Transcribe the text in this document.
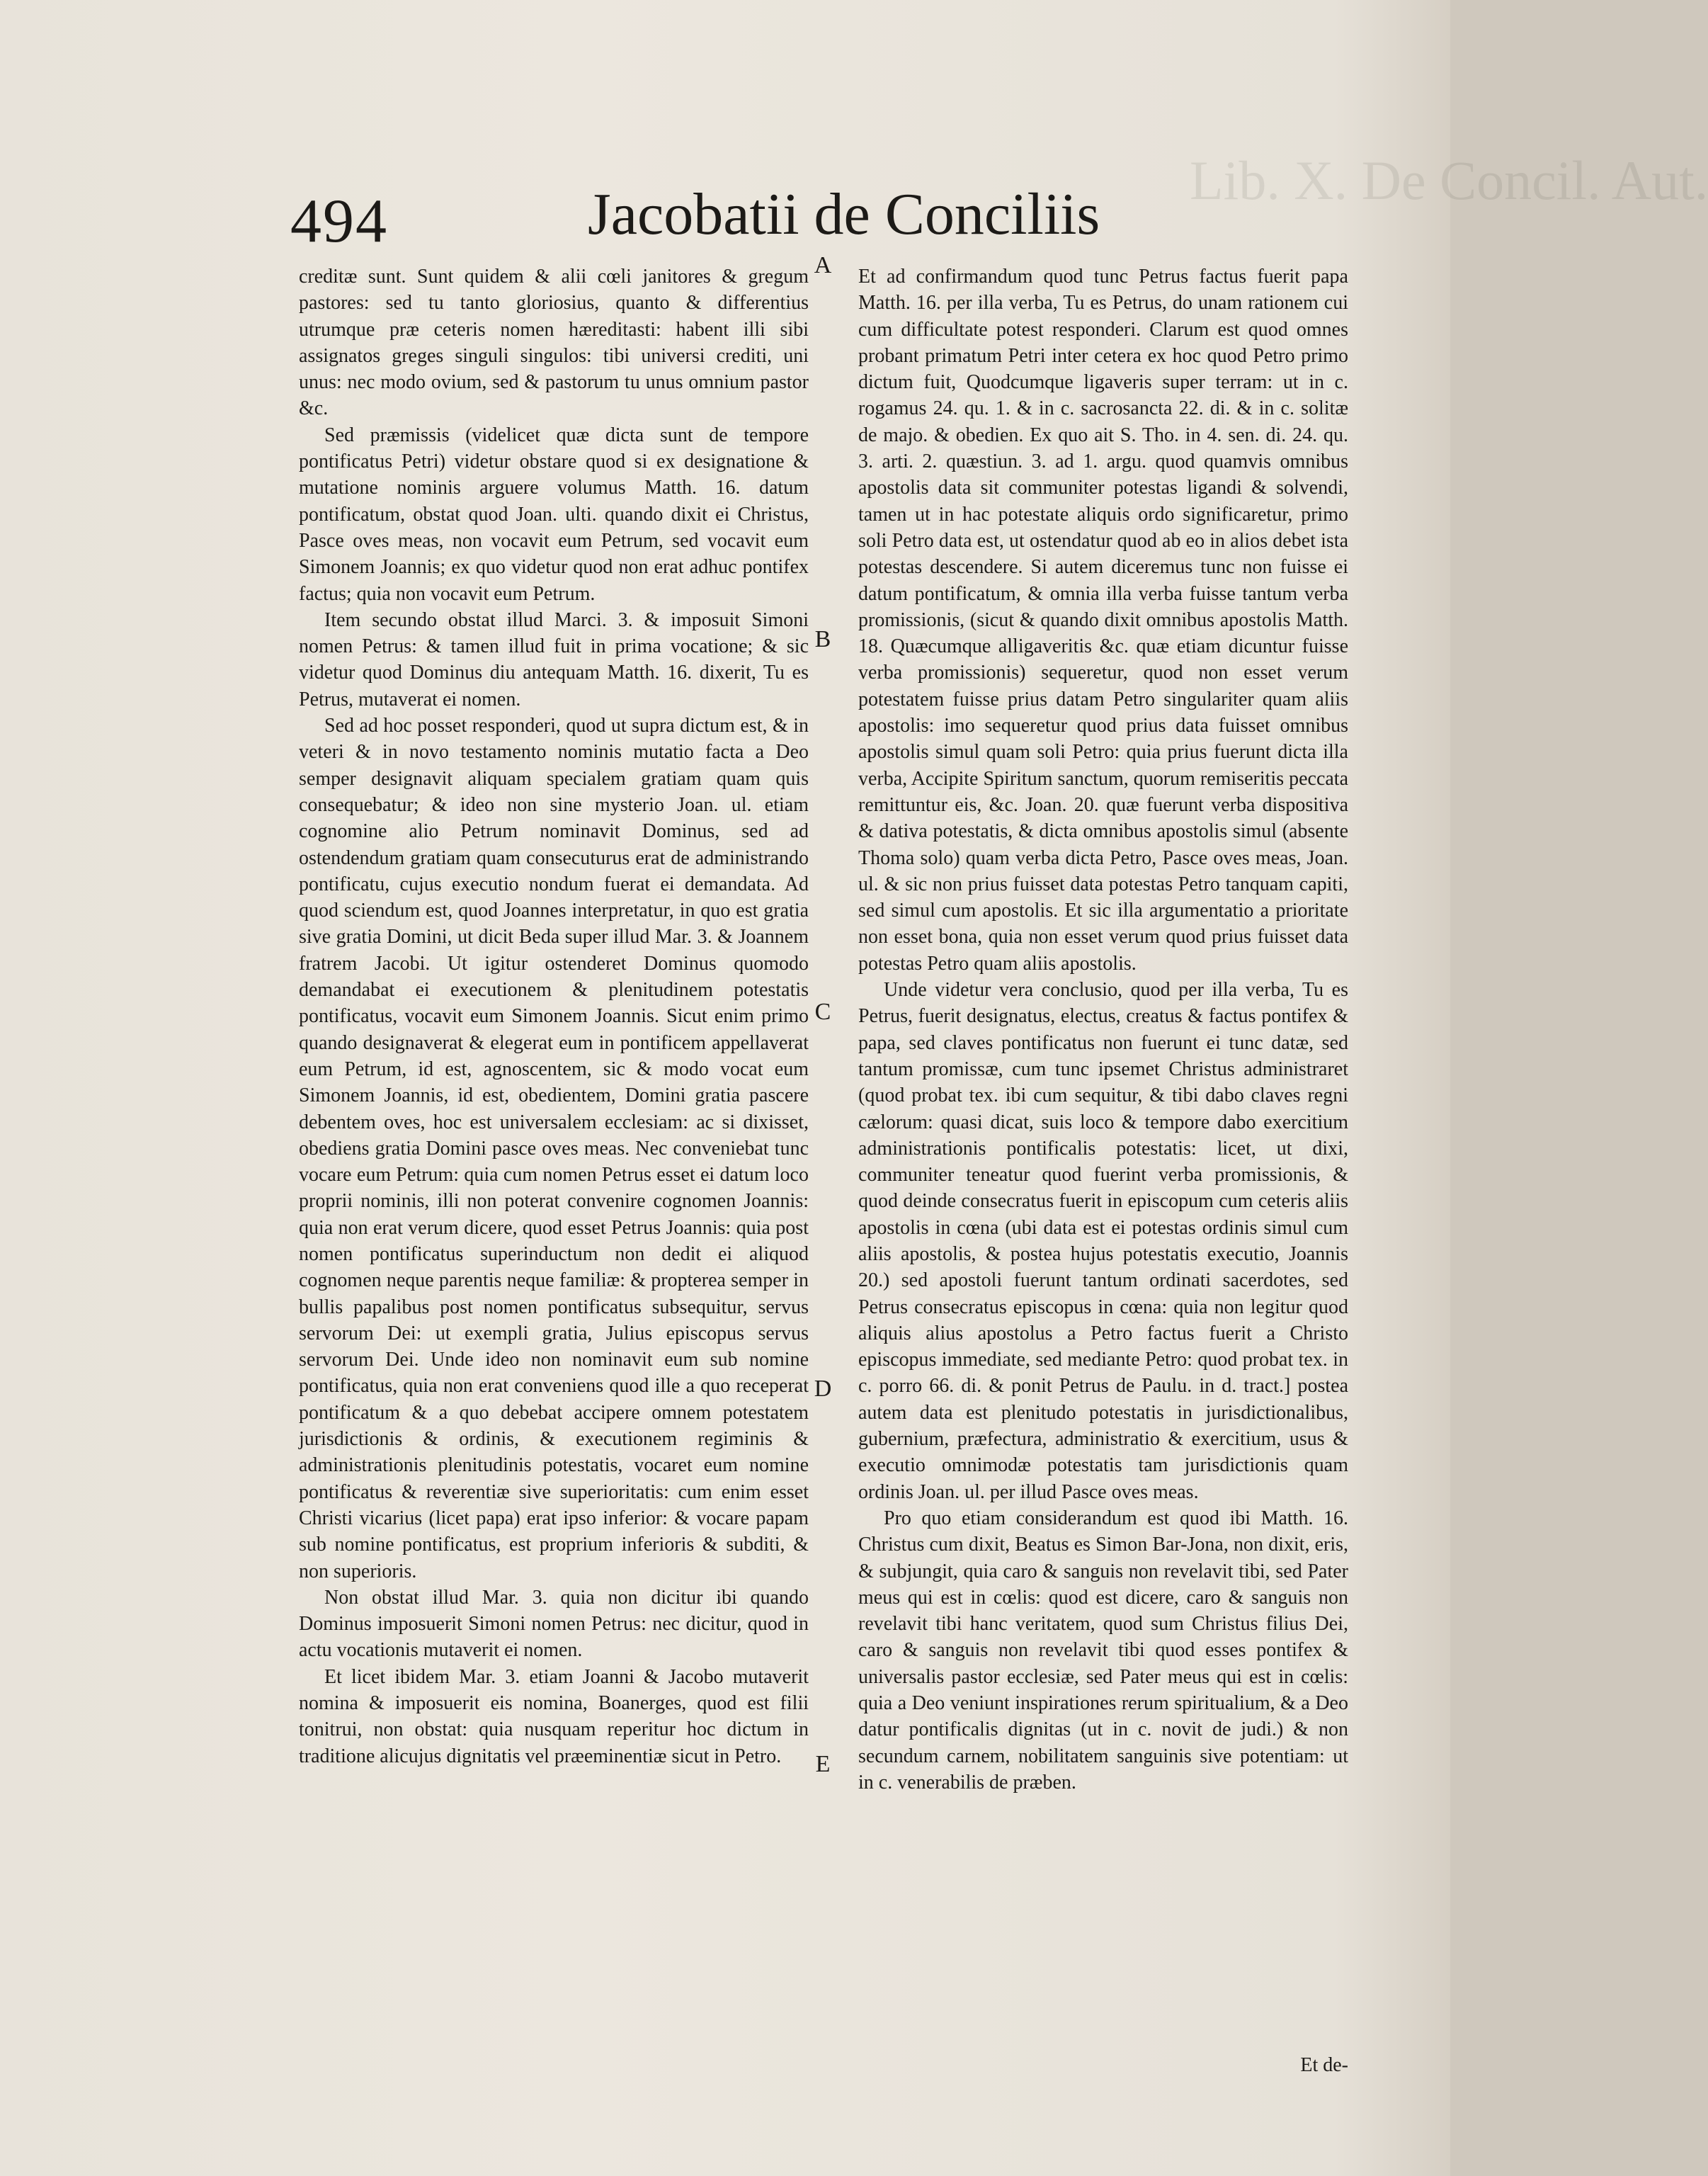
Lib. X. De Concil. Aut.
494	Jacobatii de Conciliis

creditæ sunt. Sunt quidem & alii cœli janitores & gregum pastores: sed tu tanto gloriosius, quanto & differentius utrumque præ ceteris nomen hæreditasti: habent illi sibi assignatos greges singuli singulos: tibi universi crediti, uni unus: nec modo ovium, sed & pastorum tu unus omnium pastor &c.

Sed præmissis (videlicet quæ dicta sunt de tempore pontificatus Petri) videtur obstare quod si ex designatione & mutatione nominis arguere volumus Matth. 16. datum pontificatum, obstat quod Joan. ulti. quando dixit ei Christus, Pasce oves meas, non vocavit eum Petrum, sed vocavit eum Simonem Joannis; ex quo videtur quod non erat adhuc pontifex factus; quia non vocavit eum Petrum.

Item secundo obstat illud Marci. 3. & imposuit Simoni nomen Petrus: & tamen illud fuit in prima vocatione; & sic videtur quod Dominus diu antequam Matth. 16. dixerit, Tu es Petrus, mutaverat ei nomen.

Sed ad hoc posset responderi, quod ut supra dictum est, & in veteri & in novo testamento nominis mutatio facta a Deo semper designavit aliquam specialem gratiam quam quis consequebatur; & ideo non sine mysterio Joan. ul. etiam cognomine alio Petrum nominavit Dominus, sed ad ostendendum gratiam quam consecuturus erat de administrando pontificatu, cujus executio nondum fuerat ei demandata. Ad quod sciendum est, quod Joannes interpretatur, in quo est gratia sive gratia Domini, ut dicit Beda super illud Mar. 3. & Joannem fratrem Jacobi. Ut igitur ostenderet Dominus quomodo demandabat ei executionem & plenitudinem potestatis pontificatus, vocavit eum Simonem Joannis. Sicut enim primo quando designaverat & elegerat eum in pontificem appellaverat eum Petrum, id est, agnoscentem, sic & modo vocat eum Simonem Joannis, id est, obedientem, Domini gratia pascere debentem oves, hoc est universalem ecclesiam: ac si dixisset, obediens gratia Domini pasce oves meas. Nec conveniebat tunc vocare eum Petrum: quia cum nomen Petrus esset ei datum loco proprii nominis, illi non poterat convenire cognomen Joannis: quia non erat verum dicere, quod esset Petrus Joannis: quia post nomen pontificatus superinductum non dedit ei aliquod cognomen neque parentis neque familiæ: & propterea semper in bullis papalibus post nomen pontificatus subsequitur, servus servorum Dei: ut exempli gratia, Julius episcopus servus servorum Dei. Unde ideo non nominavit eum sub nomine pontificatus, quia non erat conveniens quod ille a quo receperat pontificatum & a quo debebat accipere omnem potestatem jurisdictionis & ordinis, & executionem regiminis & administrationis plenitudinis potestatis, vocaret eum nomine pontificatus & reverentiæ sive superioritatis: cum enim esset Christi vicarius (licet papa) erat ipso inferior: & vocare papam sub nomine pontificatus, est proprium inferioris & subditi, & non superioris.

Non obstat illud Mar. 3. quia non dicitur ibi quando Dominus imposuerit Simoni nomen Petrus: nec dicitur, quod in actu vocationis mutaverit ei nomen.

Et licet ibidem Mar. 3. etiam Joanni & Jacobo mutaverit nomina & imposuerit eis nomina, Boanerges, quod est filii tonitrui, non obstat: quia nusquam reperitur hoc dictum in traditione alicujus dignitatis vel præeminentiæ sicut in Petro.

A
B
C
D
E

Et ad confirmandum quod tunc Petrus factus fuerit papa Matth. 16. per illa verba, Tu es Petrus, do unam rationem cui cum difficultate potest responderi. Clarum est quod omnes probant primatum Petri inter cetera ex hoc quod Petro primo dictum fuit, Quodcumque ligaveris super terram: ut in c. rogamus 24. qu. 1. & in c. sacrosancta 22. di. & in c. solitæ de majo. & obedien. Ex quo ait S. Tho. in 4. sen. di. 24. qu. 3. arti. 2. quæstiun. 3. ad 1. argu. quod quamvis omnibus apostolis data sit communiter potestas ligandi & solvendi, tamen ut in hac potestate aliquis ordo significaretur, primo soli Petro data est, ut ostendatur quod ab eo in alios debet ista potestas descendere. Si autem diceremus tunc non fuisse ei datum pontificatum, & omnia illa verba fuisse tantum verba promissionis, (sicut & quando dixit omnibus apostolis Matth. 18. Quæcumque alligaveritis &c. quæ etiam dicuntur fuisse verba promissionis) sequeretur, quod non esset verum potestatem fuisse prius datam Petro singulariter quam aliis apostolis: imo sequeretur quod prius data fuisset omnibus apostolis simul quam soli Petro: quia prius fuerunt dicta illa verba, Accipite Spiritum sanctum, quorum remiseritis peccata remittuntur eis, &c. Joan. 20. quæ fuerunt verba dispositiva & dativa potestatis, & dicta omnibus apostolis simul (absente Thoma solo) quam verba dicta Petro, Pasce oves meas, Joan. ul. & sic non prius fuisset data potestas Petro tanquam capiti, sed simul cum apostolis. Et sic illa argumentatio a prioritate non esset bona, quia non esset verum quod prius fuisset data potestas Petro quam aliis apostolis.

Unde videtur vera conclusio, quod per illa verba, Tu es Petrus, fuerit designatus, electus, creatus & factus pontifex & papa, sed claves pontificatus non fuerunt ei tunc datæ, sed tantum promissæ, cum tunc ipsemet Christus administraret (quod probat tex. ibi cum sequitur, & tibi dabo claves regni cælorum: quasi dicat, suis loco & tempore dabo exercitium administrationis pontificalis potestatis: licet, ut dixi, communiter teneatur quod fuerint verba promissionis, & quod deinde consecratus fuerit in episcopum cum ceteris aliis apostolis in cœna (ubi data est ei potestas ordinis simul cum aliis apostolis, & postea hujus potestatis executio, Joannis 20.) sed apostoli fuerunt tantum ordinati sacerdotes, sed Petrus consecratus episcopus in cœna: quia non legitur quod aliquis alius apostolus a Petro factus fuerit a Christo episcopus immediate, sed mediante Petro: quod probat tex. in c. porro 66. di. & ponit Petrus de Paulu. in d. tract.] postea autem data est plenitudo potestatis in jurisdictionalibus, gubernium, præfectura, administratio & exercitium, usus & executio omnimodæ potestatis tam jurisdictionis quam ordinis Joan. ul. per illud Pasce oves meas.

Pro quo etiam considerandum est quod ibi Matth. 16. Christus cum dixit, Beatus es Simon Bar-Jona, non dixit, eris, & subjungit, quia caro & sanguis non revelavit tibi, sed Pater meus qui est in cœlis: quod est dicere, caro & sanguis non revelavit tibi hanc veritatem, quod sum Christus filius Dei, caro & sanguis non revelavit tibi quod esses pontifex & universalis pastor ecclesiæ, sed Pater meus qui est in cœlis: quia a Deo veniunt inspirationes rerum spiritualium, & a Deo datur pontificalis dignitas (ut in c. novit de judi.) & non secundum carnem, nobilitatem sanguinis sive potentiam: ut in c. venerabilis de præben.

Et de-
